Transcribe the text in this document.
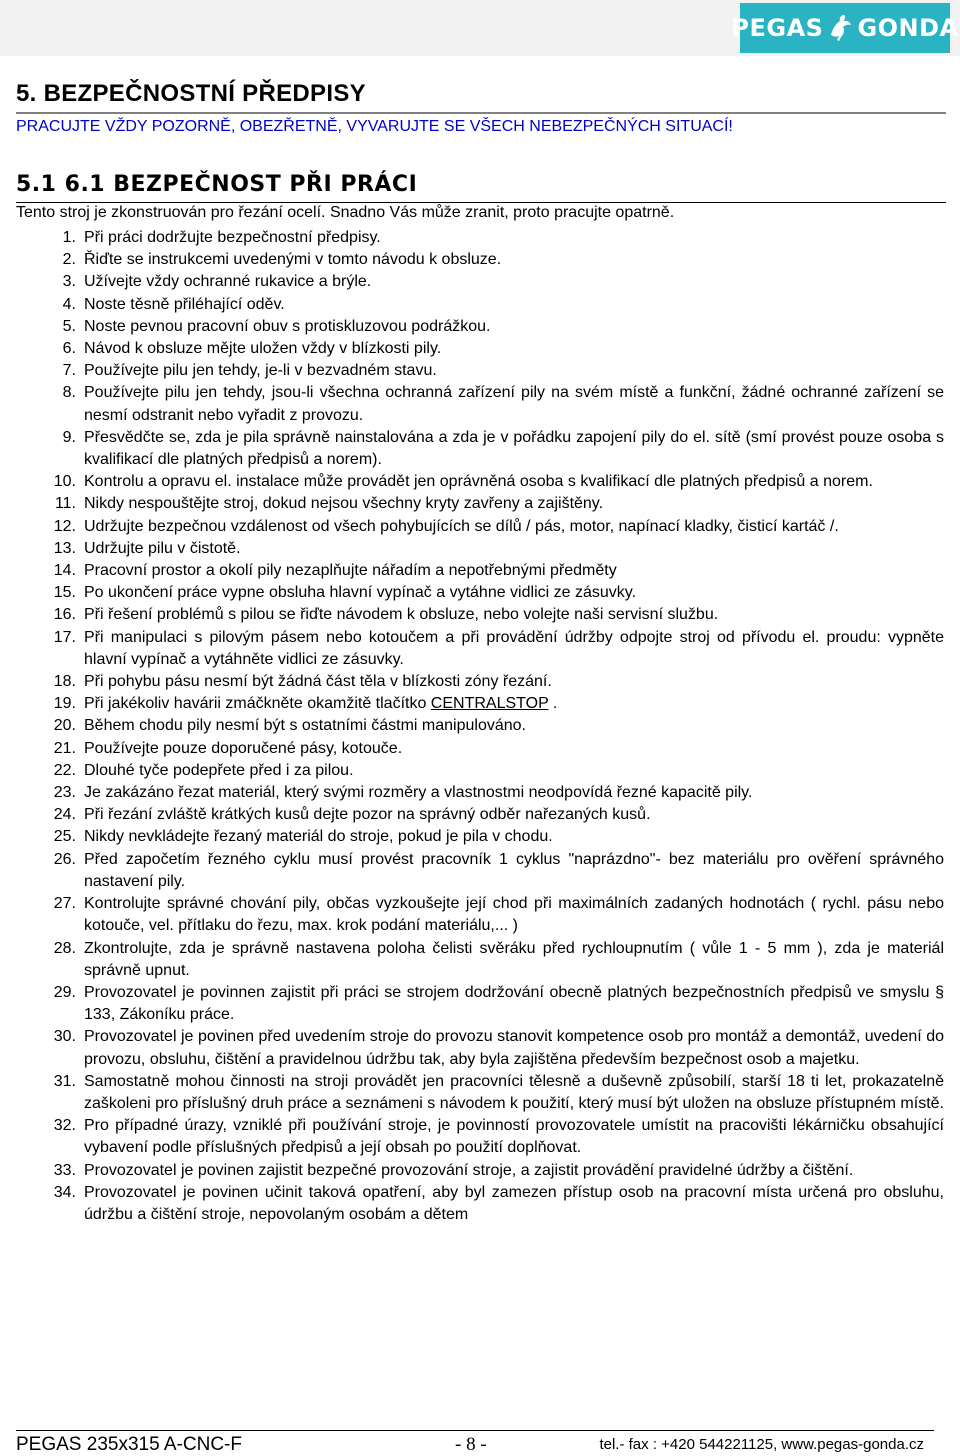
PEGAS GONDA
5. BEZPEČNOSTNÍ PŘEDPISY
PRACUJTE VŽDY POZORNĚ, OBEZŘETNĚ, VYVARUJTE SE VŠECH NEBEZPEČNÝCH SITUACÍ!
5.1 6.1 BEZPEČNOST PŘI PRÁCI
Tento stroj je zkonstruován pro řezání ocelí. Snadno Vás může zranit, proto pracujte opatrně.
1. Při práci dodržujte bezpečnostní předpisy.
2. Řiďte se instrukcemi uvedenými v tomto návodu k obsluze.
3. Užívejte vždy ochranné rukavice a brýle.
4. Noste těsně přiléhající oděv.
5. Noste pevnou pracovní obuv s protiskluzovou podrážkou.
6. Návod k obsluze mějte uložen vždy v blízkosti pily.
7. Používejte pilu jen tehdy, je-li v bezvadném stavu.
8. Používejte pilu jen tehdy, jsou-li všechna ochranná zařízení pily na svém místě a funkční, žádné ochranné zařízení se nesmí odstranit nebo vyřadit z provozu.
9. Přesvědčte se, zda je pila správně nainstalována a zda je v pořádku zapojení pily do el. sítě (smí provést pouze osoba s kvalifikací dle platných předpisů a norem).
10. Kontrolu a opravu el. instalace může provádět jen oprávněná osoba s kvalifikací dle platných předpisů a norem.
11. Nikdy nespouštějte stroj, dokud nejsou všechny kryty zavřeny a zajištěny.
12. Udržujte bezpečnou vzdálenost od všech pohybujících se dílů / pás, motor, napínací kladky, čisticí kartáč /.
13. Udržujte pilu v čistotě.
14. Pracovní prostor a okolí pily nezaplňujte nářadím a nepotřebnými předměty
15. Po ukončení práce vypne obsluha hlavní vypínač a vytáhne vidlici ze zásuvky.
16. Při řešení problémů s pilou se řiďte návodem k obsluze, nebo volejte naši servisní službu.
17. Při manipulaci s pilovým pásem nebo kotoučem a při provádění údržby odpojte stroj od přívodu el. proudu: vypněte hlavní vypínač a vytáhněte vidlici ze zásuvky.
18. Při pohybu pásu nesmí být žádná část těla v blízkosti zóny řezání.
19. Při jakékoliv havárii zmáčkněte okamžitě tlačítko CENTRALSTOP .
20. Během chodu pily nesmí být s ostatními částmi manipulováno.
21. Používejte pouze doporučené pásy, kotouče.
22. Dlouhé tyče podepřete před i za pilou.
23. Je zakázáno řezat materiál, který svými rozměry a vlastnostmi neodpovídá řezné kapacitě pily.
24. Při řezání zvláště krátkých kusů dejte pozor na správný odběr nařezaných kusů.
25. Nikdy nevkládejte řezaný materiál do stroje, pokud je pila v chodu.
26. Před započetím řezného cyklu musí provést pracovník 1 cyklus "naprázdno"- bez materiálu pro ověření správného nastavení pily.
27. Kontrolujte správné chování pily, občas vyzkoušejte její chod při maximálních zadaných hodnotách ( rychl. pásu nebo kotouče, vel. přítlaku do řezu, max. krok podání materiálu,... )
28. Zkontrolujte, zda je správně nastavena poloha čelisti svěráku před rychloupnutím ( vůle 1 - 5 mm ), zda je materiál správně upnut.
29. Provozovatel je povinnen zajistit při práci se strojem dodržování obecně platných bezpečnostních předpisů ve smyslu § 133, Zákoníku práce.
30. Provozovatel je povinen před uvedením stroje do provozu stanovit kompetence osob pro montáž a demontáž, uvedení do provozu, obsluhu, čištění a pravidelnou údržbu tak, aby byla zajištěna především bezpečnost osob a majetku.
31. Samostatně mohou činnosti na stroji provádět jen pracovníci tělesně a duševně způsobilí, starší 18 ti let, prokazatelně zaškoleni pro příslušný druh práce a seznámeni s návodem k použití, který musí být uložen na obsluze přístupném místě.
32. Pro případné úrazy, vzniklé při používání stroje, je povinností provozovatele umístit na pracovišti lékárničku obsahující vybavení podle příslušných předpisů a její obsah po použití doplňovat.
33. Provozovatel je povinen zajistit bezpečné provozování stroje, a zajistit provádění pravidelné údržby a čištění.
34. Provozovatel je povinen učinit taková opatření, aby byl zamezen přístup osob na pracovní místa určená pro obsluhu, údržbu a čištění stroje, nepovolaným osobám a dětem
PEGAS 235x315 A-CNC-F	- 8 -	tel.- fax : +420 544221125, www.pegas-gonda.cz
